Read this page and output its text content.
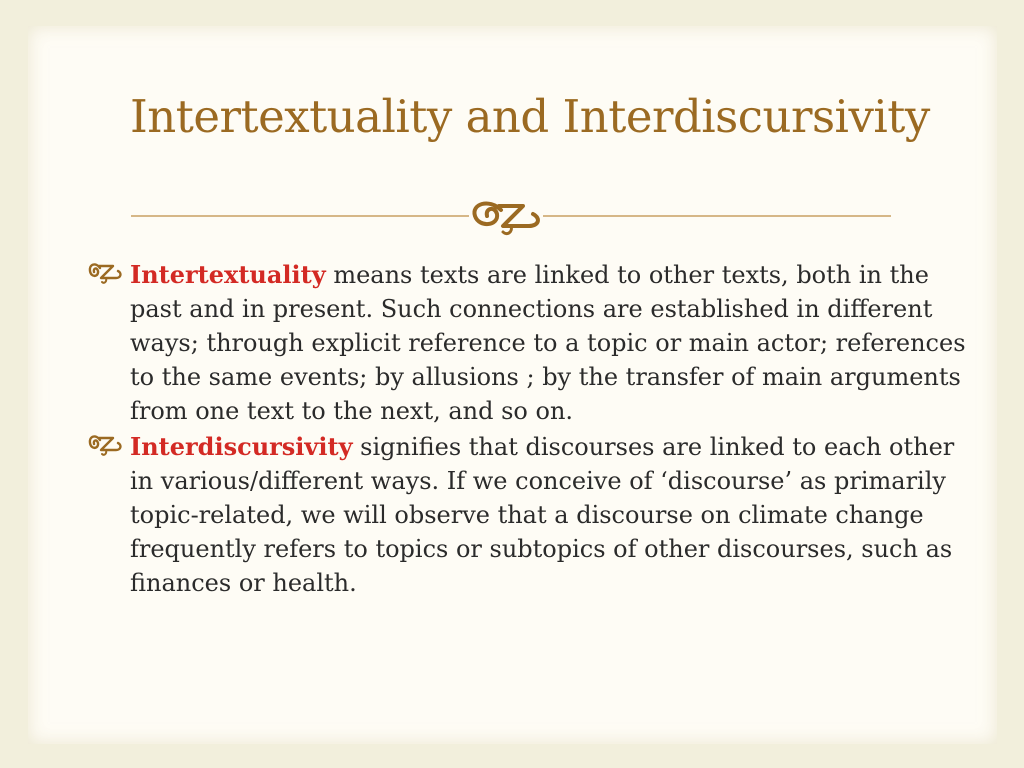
Intertextuality and Interdiscursivity
Intertextuality means texts are linked to other texts, both in the past and in present. Such connections are established in different ways; through explicit reference to a topic or main actor; references to the same events; by allusions ; by the transfer of main arguments from one text to the next, and so on.
Interdiscursivity signifies that discourses are linked to each other in various/different ways. If we conceive of ‘discourse’ as primarily topic-related, we will observe that a discourse on climate change frequently refers to topics or subtopics of other discourses, such as finances or health.
